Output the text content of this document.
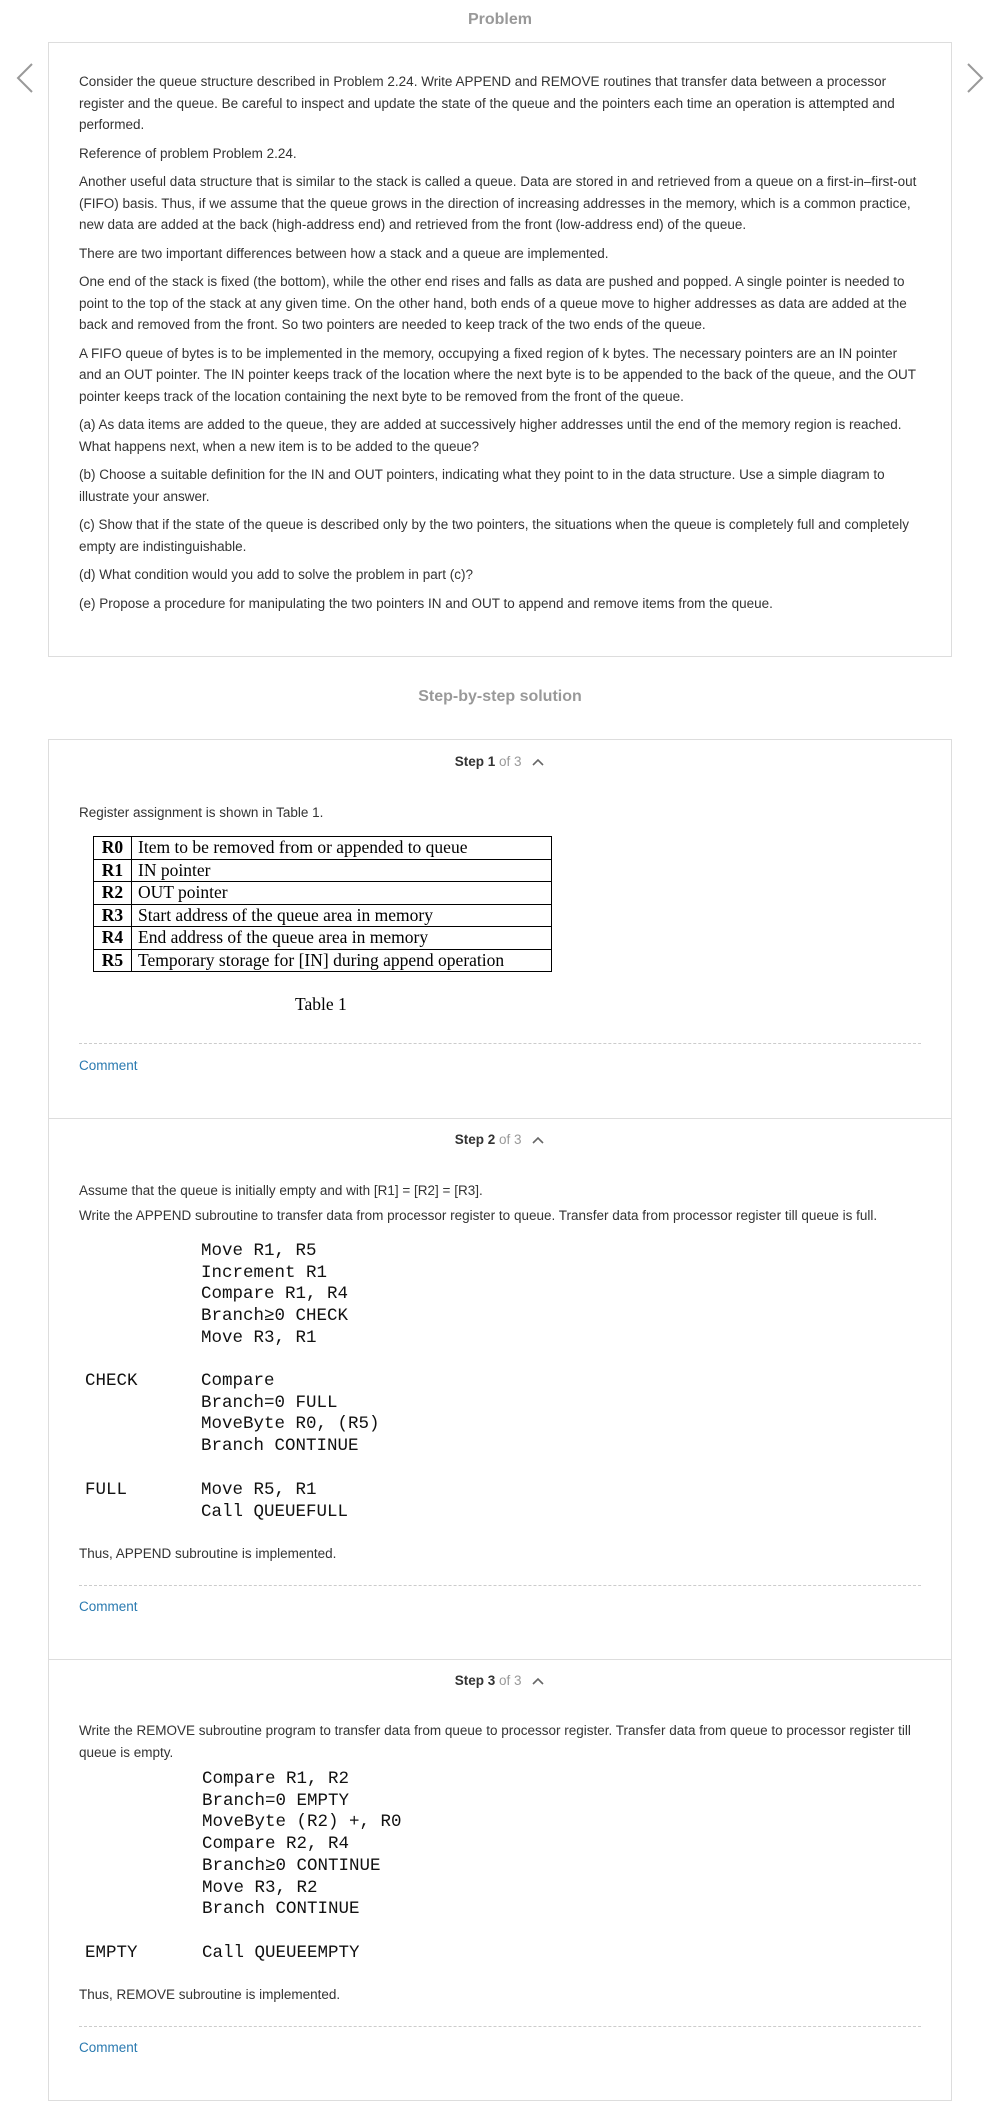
Problem

Consider the queue structure described in Problem 2.24. Write APPEND and REMOVE routines that transfer data between a processor register and the queue. Be careful to inspect and update the state of the queue and the pointers each time an operation is attempted and performed.

Reference of problem Problem 2.24.

Another useful data structure that is similar to the stack is called a queue. Data are stored in and retrieved from a queue on a first-in–first-out (FIFO) basis. Thus, if we assume that the queue grows in the direction of increasing addresses in the memory, which is a common practice, new data are added at the back (high-address end) and retrieved from the front (low-address end) of the queue.

There are two important differences between how a stack and a queue are implemented.

One end of the stack is fixed (the bottom), while the other end rises and falls as data are pushed and popped. A single pointer is needed to point to the top of the stack at any given time. On the other hand, both ends of a queue move to higher addresses as data are added at the back and removed from the front. So two pointers are needed to keep track of the two ends of the queue.

A FIFO queue of bytes is to be implemented in the memory, occupying a fixed region of k bytes. The necessary pointers are an IN pointer and an OUT pointer. The IN pointer keeps track of the location where the next byte is to be appended to the back of the queue, and the OUT pointer keeps track of the location containing the next byte to be removed from the front of the queue.

(a) As data items are added to the queue, they are added at successively higher addresses until the end of the memory region is reached. What happens next, when a new item is to be added to the queue?

(b) Choose a suitable definition for the IN and OUT pointers, indicating what they point to in the data structure. Use a simple diagram to illustrate your answer.

(c) Show that if the state of the queue is described only by the two pointers, the situations when the queue is completely full and completely empty are indistinguishable.

(d) What condition would you add to solve the problem in part (c)?

(e) Propose a procedure for manipulating the two pointers IN and OUT to append and remove items from the queue.

Step-by-step solution
Step 1 of 3
Register assignment is shown in Table 1.
R0	Item to be removed from or appended to queue
R1	IN pointer
R2	OUT pointer
R3	Start address of the queue area in memory
R4	End address of the queue area in memory
R5	Temporary storage for [IN] during append operation
Table 1
Comment
Step 2 of 3
Assume that the queue is initially empty and with [R1] = [R2] = [R3].
Write the APPEND subroutine to transfer data from processor register to queue. Transfer data from processor register till queue is full.
Move R1, R5
Increment R1
Compare R1, R4
Branch≥0 CHECK
Move R3, R1
CHECK	Compare
Branch=0 FULL
MoveByte R0, (R5)
Branch CONTINUE
FULL	Move R5, R1
Call QUEUEFULL
Thus, APPEND subroutine is implemented.
Comment
Step 3 of 3
Write the REMOVE subroutine program to transfer data from queue to processor register. Transfer data from queue to processor register till queue is empty.
Compare R1, R2
Branch=0 EMPTY
MoveByte (R2) +, R0
Compare R2, R4
Branch≥0 CONTINUE
Move R3, R2
Branch CONTINUE
EMPTY	Call QUEUEEMPTY
Thus, REMOVE subroutine is implemented.
Comment
